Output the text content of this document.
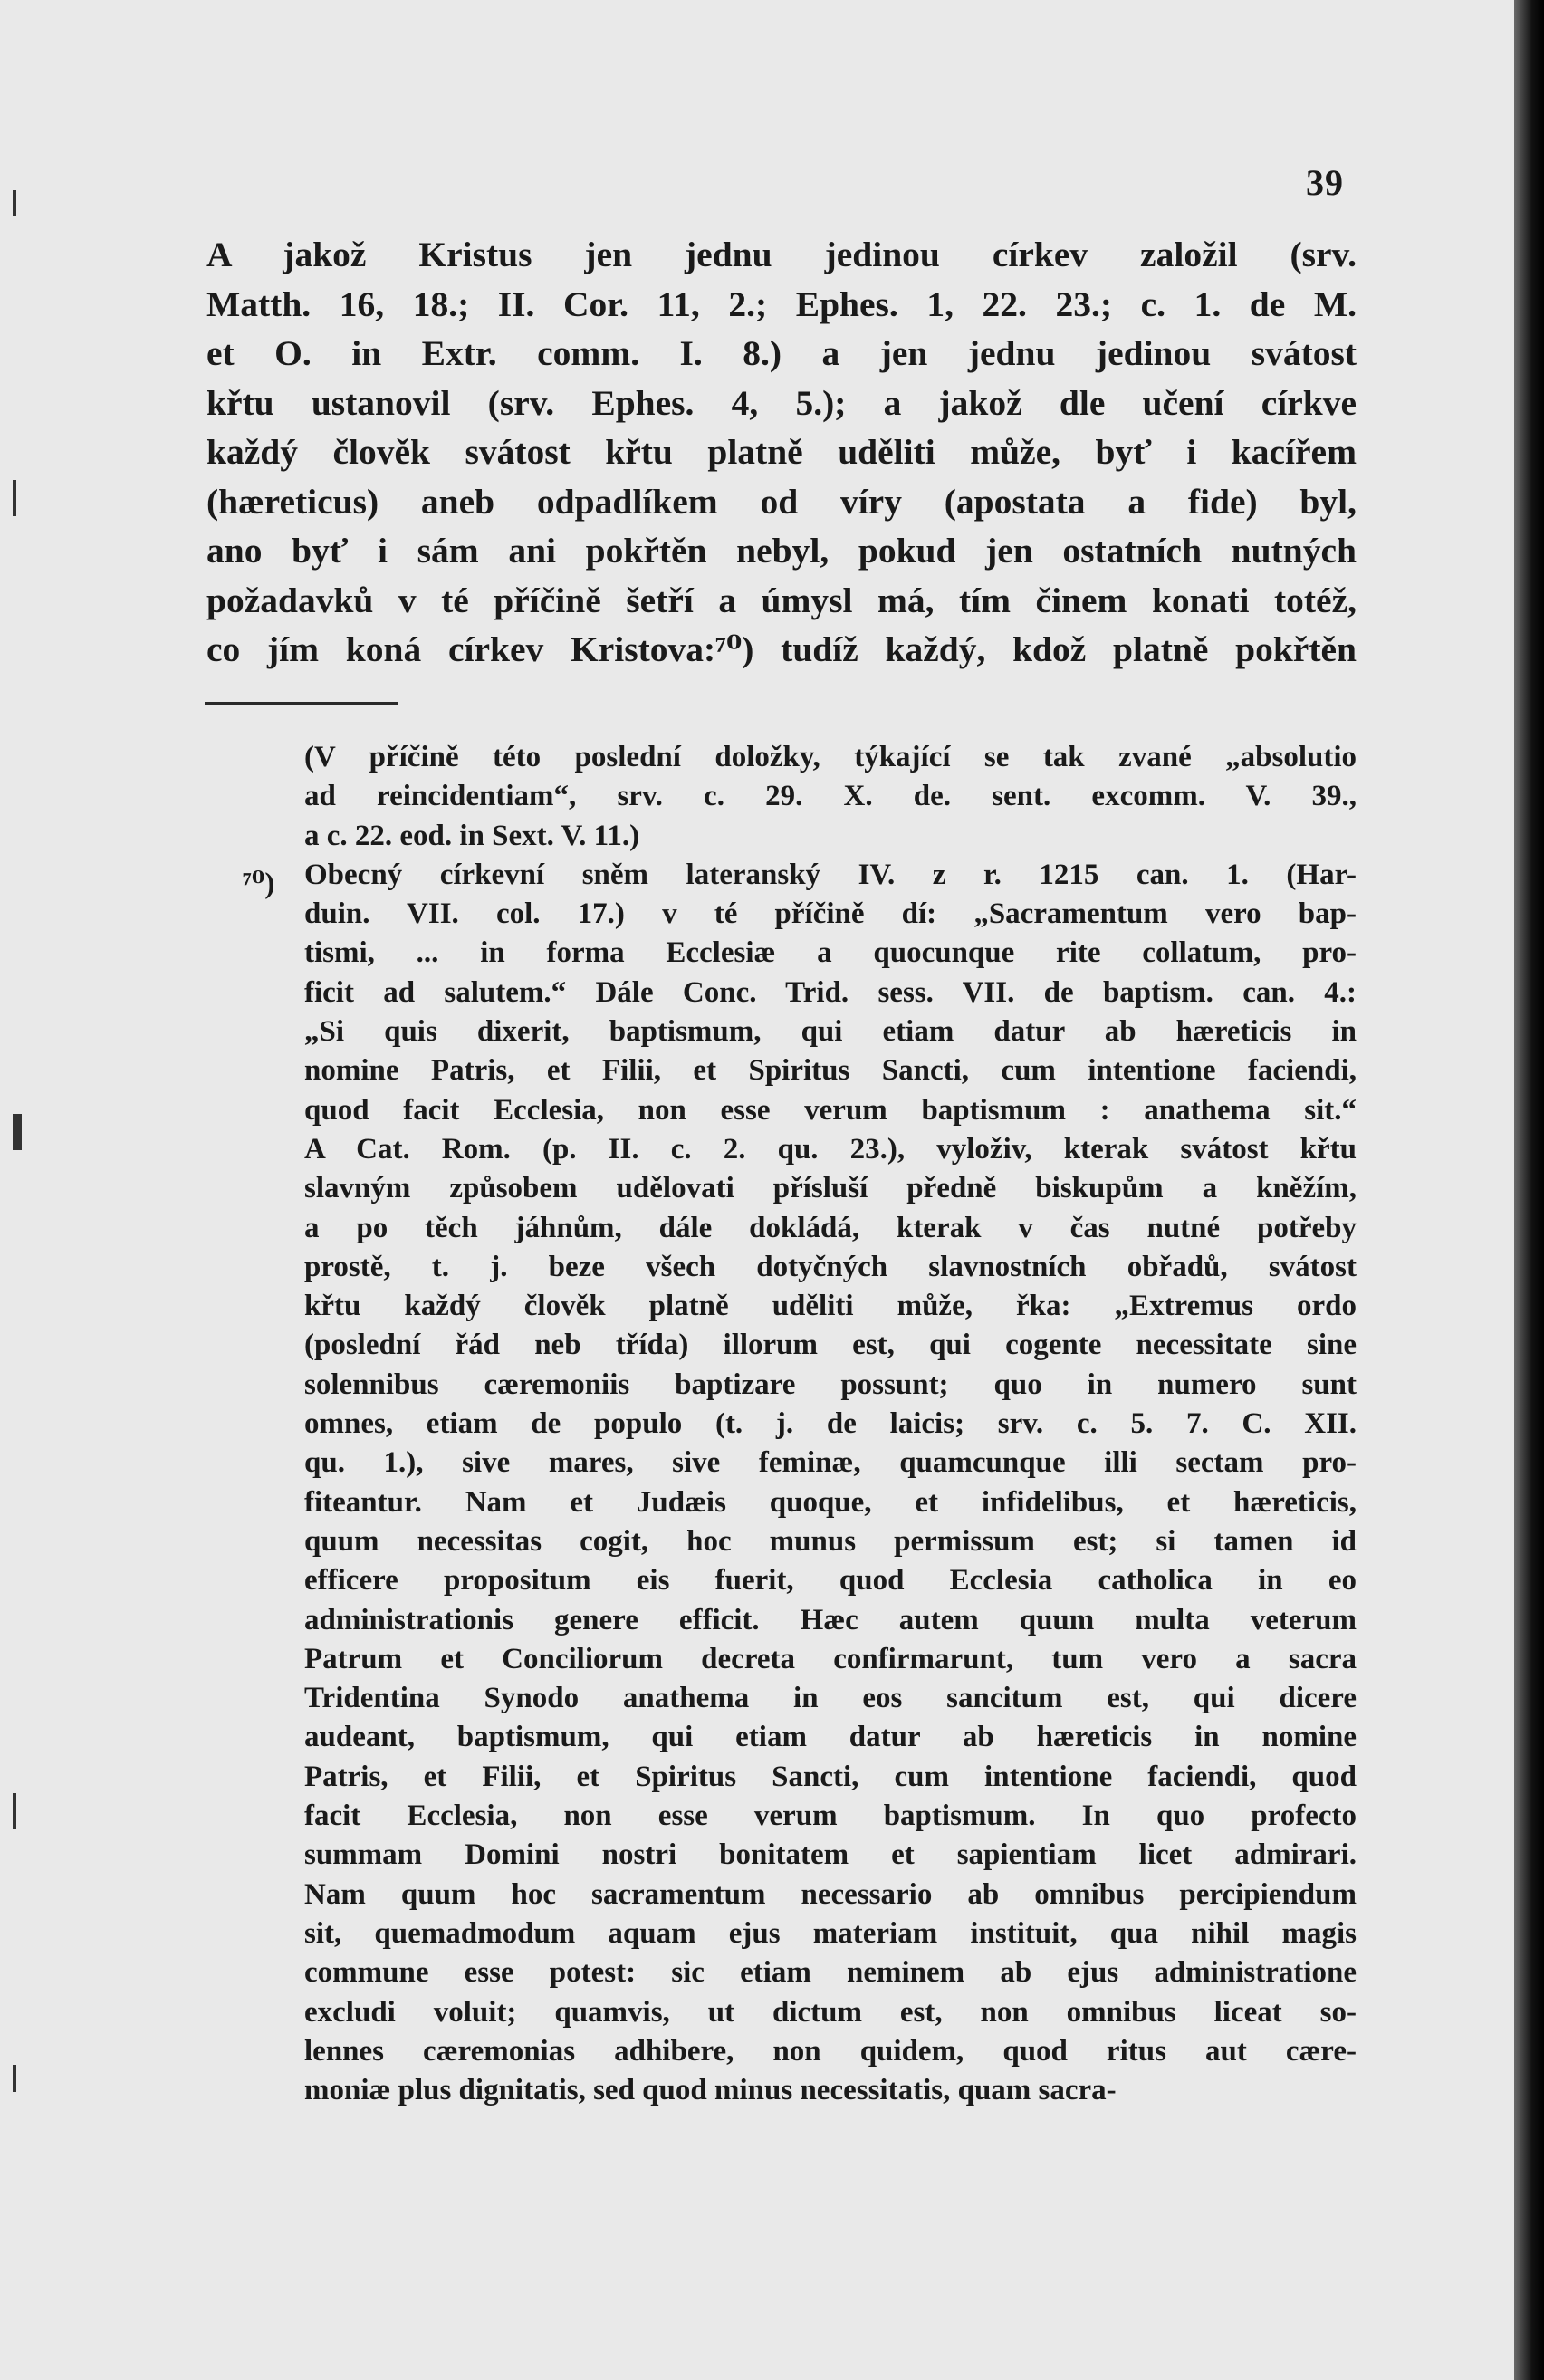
39
A jakož Kristus jen jednu jedinou církev založil (srv.
Matth. 16, 18.; II. Cor. 11, 2.; Ephes. 1, 22. 23.; c. 1. de M.
et O. in Extr. comm. I. 8.) a jen jednu jedinou svátost
křtu ustanovil (srv. Ephes. 4, 5.); a jakož dle učení církve
každý člověk svátost křtu platně uděliti může, byť i kacířem
(hæreticus) aneb odpadlíkem od víry (apostata a fide) byl,
ano byť i sám ani pokřtěn nebyl, pokud jen ostatních nutných
požadavků v té příčině šetří a úmysl má, tím činem konati totéž,
co jím koná církev Kristova:⁷⁰) tudíž každý, kdož platně pokřtěn
⁷⁰)
(V příčině této poslední doložky, týkající se tak zvané „absolutio
ad reincidentiam“, srv. c. 29. X. de. sent. excomm. V. 39.,
a c. 22. eod. in Sext. V. 11.)
Obecný církevní sněm lateranský IV. z r. 1215 can. 1. (Har-
duin. VII. col. 17.) v té příčině dí: „Sacramentum vero bap-
tismi, ... in forma Ecclesiæ a quocunque rite collatum, pro-
ficit ad salutem.“ Dále Conc. Trid. sess. VII. de baptism. can. 4.:
„Si quis dixerit, baptismum, qui etiam datur ab hæreticis in
nomine Patris, et Filii, et Spiritus Sancti, cum intentione faciendi,
quod facit Ecclesia, non esse verum baptismum : anathema sit.“
A Cat. Rom. (p. II. c. 2. qu. 23.), vyloživ, kterak svátost křtu
slavným způsobem udělovati přísluší předně biskupům a kněžím,
a po těch jáhnům, dále dokládá, kterak v čas nutné potřeby
prostě, t. j. beze všech dotyčných slavnostních obřadů, svátost
křtu každý člověk platně uděliti může, řka: „Extremus ordo
(poslední řád neb třída) illorum est, qui cogente necessitate sine
solennibus cæremoniis baptizare possunt; quo in numero sunt
omnes, etiam de populo (t. j. de laicis; srv. c. 5. 7. C. XII.
qu. 1.), sive mares, sive feminæ, quamcunque illi sectam pro-
fiteantur. Nam et Judæis quoque, et infidelibus, et hæreticis,
quum necessitas cogit, hoc munus permissum est; si tamen id
efficere propositum eis fuerit, quod Ecclesia catholica in eo
administrationis genere efficit. Hæc autem quum multa veterum
Patrum et Conciliorum decreta confirmarunt, tum vero a sacra
Tridentina Synodo anathema in eos sancitum est, qui dicere
audeant, baptismum, qui etiam datur ab hæreticis in nomine
Patris, et Filii, et Spiritus Sancti, cum intentione faciendi, quod
facit Ecclesia, non esse verum baptismum. In quo profecto
summam Domini nostri bonitatem et sapientiam licet admirari.
Nam quum hoc sacramentum necessario ab omnibus percipiendum
sit, quemadmodum aquam ejus materiam instituit, qua nihil magis
commune esse potest: sic etiam neminem ab ejus administratione
excludi voluit; quamvis, ut dictum est, non omnibus liceat so-
lennes cæremonias adhibere, non quidem, quod ritus aut cære-
moniæ plus dignitatis, sed quod minus necessitatis, quam sacra-
